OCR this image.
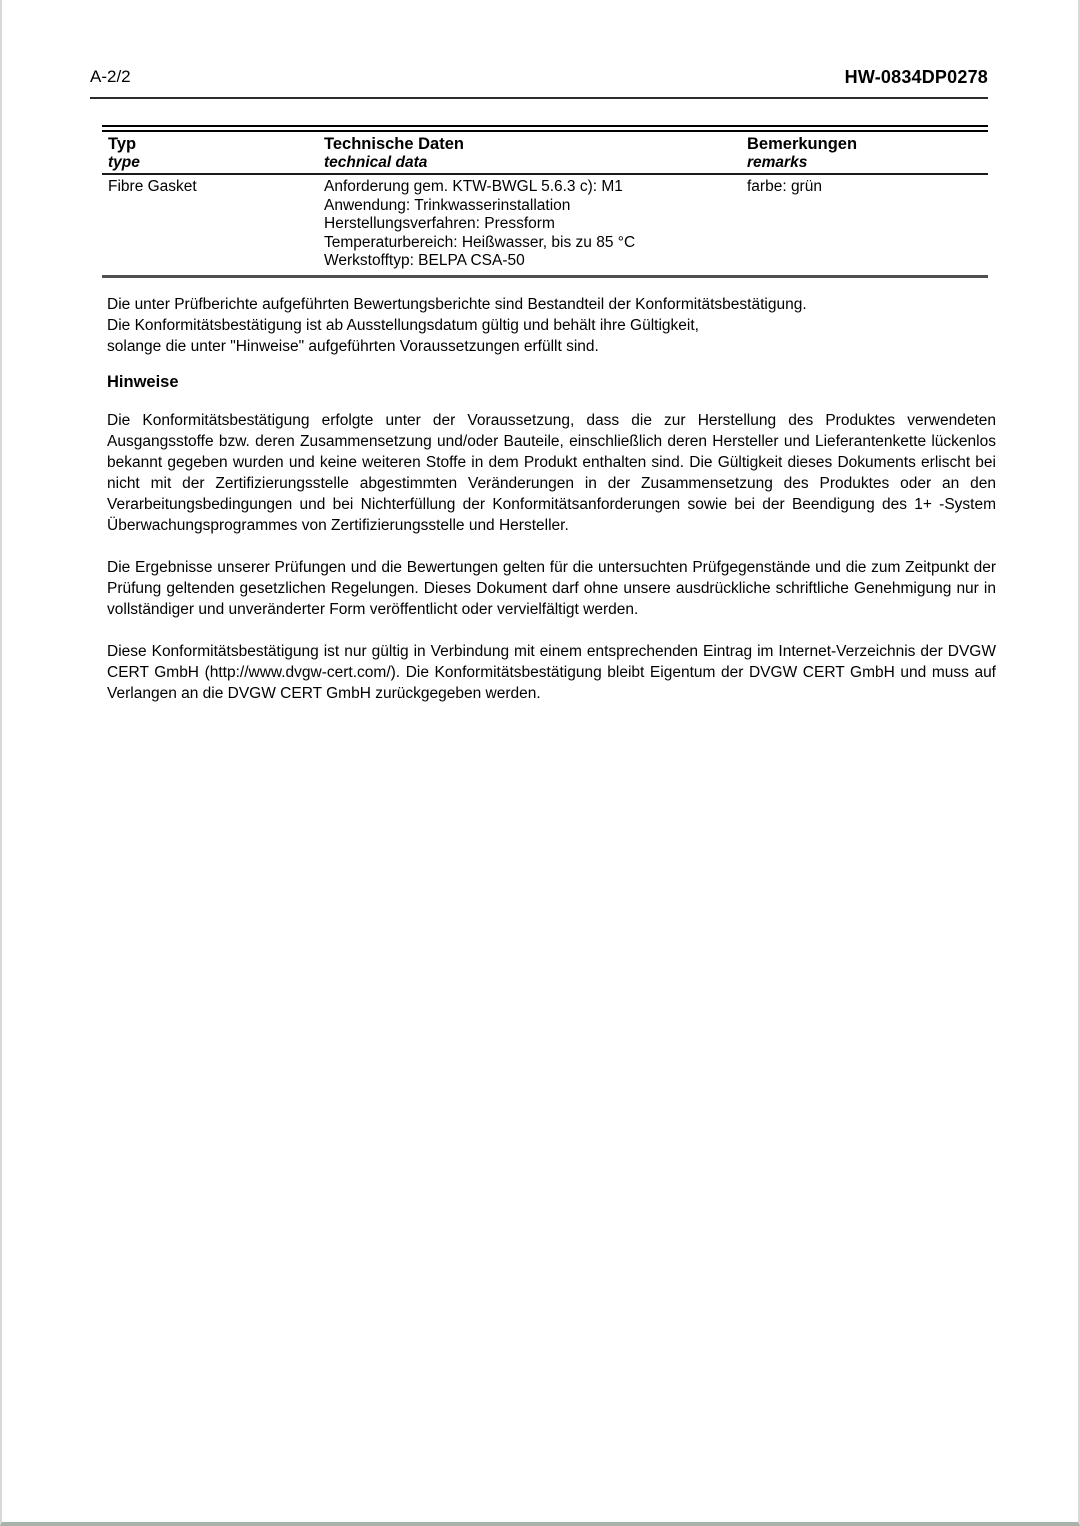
A-2/2	HW-0834DP0278
Typ
type
Technische Daten
technical data
Bemerkungen
remarks
Fibre Gasket	Anforderung gem. KTW-BWGL 5.6.3 c): M1
Anwendung: Trinkwasserinstallation
Herstellungsverfahren: Pressform
Temperaturbereich: Heißwasser, bis zu 85 °C
Werkstofftyp: BELPA CSA-50
farbe: grün
Die unter Prüfberichte aufgeführten Bewertungsberichte sind Bestandteil der Konformitätsbestätigung.
Die Konformitätsbestätigung ist ab Ausstellungsdatum gültig und behält ihre Gültigkeit,
solange die unter "Hinweise" aufgeführten Voraussetzungen erfüllt sind.
Hinweise

Die Konformitätsbestätigung erfolgte unter der Voraussetzung, dass die zur Herstellung des Produktes verwendeten Ausgangsstoffe bzw. deren Zusammensetzung und/oder Bauteile, einschließlich deren Hersteller und Lieferantenkette lückenlos bekannt gegeben wurden und keine weiteren Stoffe in dem Produkt enthalten sind. Die Gültigkeit dieses Dokuments erlischt bei nicht mit der Zertifizierungsstelle abgestimmten Veränderungen in der Zusammensetzung des Produktes oder an den Verarbeitungsbedingungen und bei Nichterfüllung der Konformitätsanforderungen sowie bei der Beendigung des 1+ -System Überwachungsprogrammes von Zertifizierungsstelle und Hersteller.

Die Ergebnisse unserer Prüfungen und die Bewertungen gelten für die untersuchten Prüfgegenstände und die zum Zeitpunkt der Prüfung geltenden gesetzlichen Regelungen. Dieses Dokument darf ohne unsere ausdrückliche schriftliche Genehmigung nur in vollständiger und unveränderter Form veröffentlicht oder vervielfältigt werden.

Diese Konformitätsbestätigung ist nur gültig in Verbindung mit einem entsprechenden Eintrag im Internet-Verzeichnis der DVGW CERT GmbH (http://www.dvgw-cert.com/). Die Konformitätsbestätigung bleibt Eigentum der DVGW CERT GmbH und muss auf Verlangen an die DVGW CERT GmbH zurückgegeben werden.
